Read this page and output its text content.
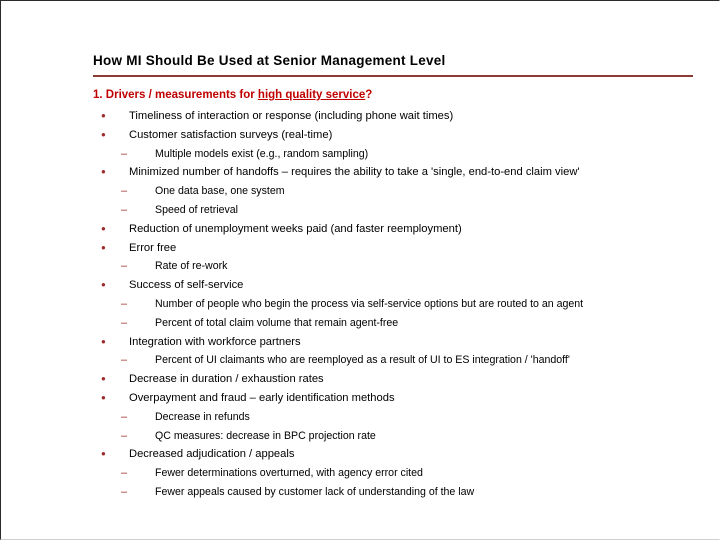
How MI Should Be Used at Senior Management Level
1. Drivers / measurements for high quality service?
● Timeliness of interaction or response (including phone wait times)
● Customer satisfaction surveys (real-time)
–	Multiple models exist (e.g., random sampling)
● Minimized number of handoffs – requires the ability to take a 'single, end-to-end claim view'
–	One data base, one system
–	Speed of retrieval
● Reduction of unemployment weeks paid (and faster reemployment)
● Error free
–	Rate of re-work
● Success of self-service
–	Number of people who begin the process via self-service options but are routed to an agent
–	Percent of total claim volume that remain agent-free
● Integration with workforce partners
–	Percent of UI claimants who are reemployed as a result of UI to ES integration / 'handoff'
● Decrease in duration / exhaustion rates
● Overpayment and fraud – early identification methods
–	Decrease in refunds
–	QC measures: decrease in BPC projection rate
● Decreased adjudication / appeals
–	Fewer determinations overturned, with agency error cited
–	Fewer appeals caused by customer lack of understanding of the law
